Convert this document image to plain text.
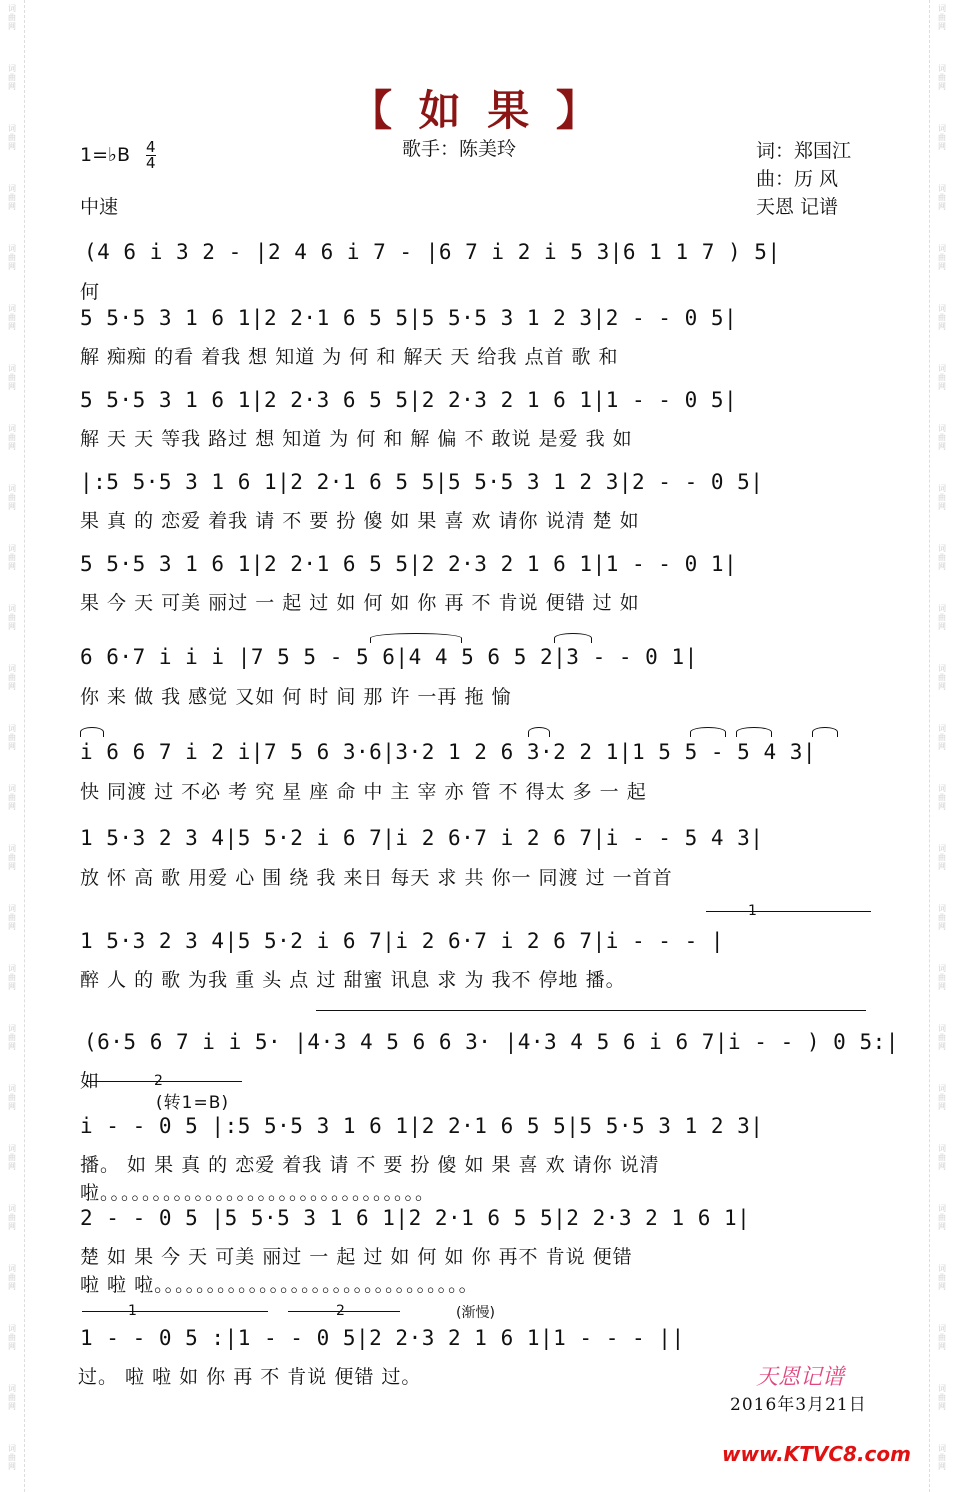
词
曲
网
词
曲
网
词
曲
网
词
曲
网
词
曲
网
词
曲
网
词
曲
网
词
曲
网
词
曲
网
词
曲
网
词
曲
网
词
曲
网
词
曲
网
词
曲
网
词
曲
网
词
曲
网
词
曲
网
词
曲
网
词
曲
网
词
曲
网
词
曲
网
词
曲
网
词
曲
网
词
曲
网
词
曲
网
词
曲
网
词
曲
网
词
曲
网
词
曲
网
词
曲
网
词
曲
网
词
曲
网
词
曲
网
词
曲
网
词
曲
网
词
曲
网
词
曲
网
词
曲
网
词
曲
网
词
曲
网
词
曲
网
词
曲
网
词
曲
网
词
曲
网
词
曲
网
词
曲
网
词
曲
网
词
曲
网
词
曲
网
词
曲
网
【 如 果 】
1=♭B 4
4
歌手：陈美玲	词：郑国江
曲：历 风
天恩 记谱
中速
(4 6 i 3 2 - |2 4 6 i 7 - |6 7 i 2 i 5 3|6 1 1 7 ) 5|
何
5 5·5 3 1 6 1|2 2·1 6 5 5|5 5·5 3 1 2 3|2 - - 0 5|
解 痴痴 的看 着我 想 知道 为 何 和 解天 天 给我 点首 歌 和
5 5·5 3 1 6 1|2 2·3 6 5 5|2 2·3 2 1 6 1|1 - - 0 5|
解 天 天 等我 路过 想 知道 为 何 和 解 偏 不 敢说 是爱 我 如
|:5 5·5 3 1 6 1|2 2·1 6 5 5|5 5·5 3 1 2 3|2 - - 0 5|
果 真 的 恋爱 着我 请 不 要 扮 傻 如 果 喜 欢 请你 说清 楚 如
5 5·5 3 1 6 1|2 2·1 6 5 5|2 2·3 2 1 6 1|1 - - 0 1|
果 今 天 可美 丽过 一 起 过 如 何 如 你 再 不 肯说 便错 过 如
6 6·7 i i i |7 5 5 - 5 6|4 4 5 6 5 2|3 - - 0 1|
你 来 做 我 感觉 又如 何 时 间 那 许 一再 拖 愉
i 6 6 7 i 2 i|7 5 6 3·6|3·2 1 2 6 3·2 2 1|1 5 5 - 5 4 3|
快 同渡 过 不必 考 究 星 座 命 中 主 宰 亦 管 不 得太 多 一 起
1 5·3 2 3 4|5 5·2 i 6 7|i 2 6·7 i 2 6 7|i - - 5 4 3|
放 怀 高 歌 用爱 心 围 绕 我 来日 每天 求 共 你一 同渡 过 一首首
1
1 5·3 2 3 4|5 5·2 i 6 7|i 2 6·7 i 2 6 7|i - - - |
醉 人 的 歌 为我 重 头 点 过 甜蜜 讯息 求 为 我不 停地 播。
(6·5 6 7 i i 5· |4·3 4 5 6 6 3· |4·3 4 5 6 i 6 7|i - - ) 0 5:|
如	2
(转1=B)
i - - 0 5 |:5 5·5 3 1 6 1|2 2·1 6 5 5|5 5·5 3 1 2 3|
播。 如 果 真 的 恋爱 着我 请 不 要 扮 傻 如 果 喜 欢 请你 说清
啦。。。。。。。。。。。。。。。。。。。。。。。。。。。。。。。
2 - - 0 5 |5 5·5 3 1 6 1|2 2·1 6 5 5|2 2·3 2 1 6 1|
楚 如 果 今 天 可美 丽过 一 起 过 如 何 如 你 再不 肯说 便错
啦 啦 啦。。。。。。。。。。。。。。。。。。。。。。。。。。。。。。
1	2	(渐慢)
1 - - 0 5 :|1 - - 0 5|2 2·3 2 1 6 1|1 - - - ||
过。 啦 啦 如 你 再 不 肯说 便错 过。	天恩记谱
2016年3月21日
www.KTVC8.com
